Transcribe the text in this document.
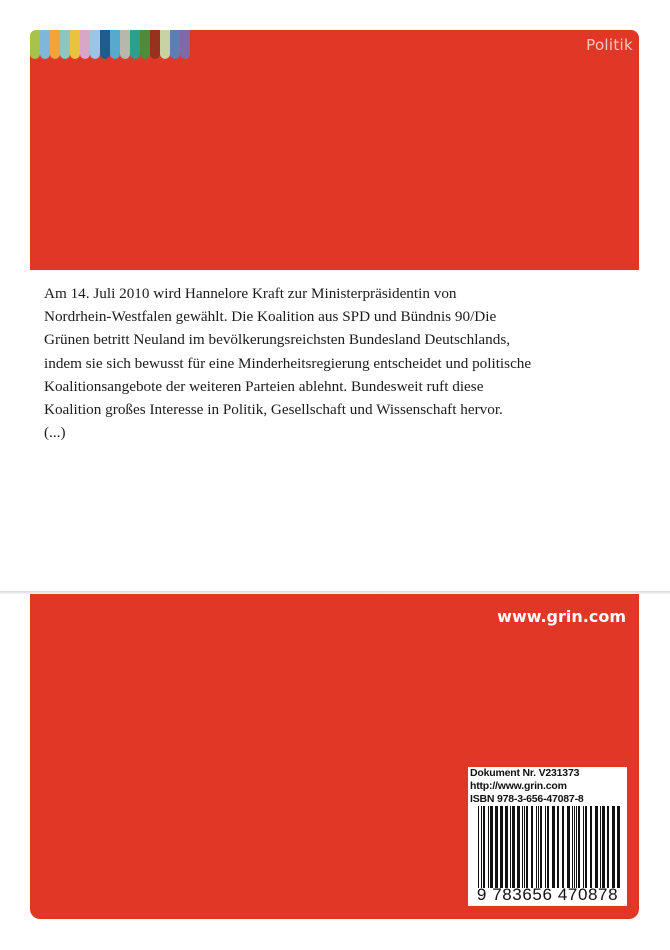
Politik

Am 14. Juli 2010 wird Hannelore Kraft zur Ministerpräsidentin von
Nordrhein-Westfalen gewählt. Die Koalition aus SPD und Bündnis 90/Die
Grünen betritt Neuland im bevölkerungsreichsten Bundesland Deutschlands,
indem sie sich bewusst für eine Minderheitsregierung entscheidet und politische
Koalitionsangebote der weiteren Parteien ablehnt. Bundesweit ruft diese
Koalition großes Interesse in Politik, Gesellschaft und Wissenschaft hervor.
(...)

www.grin.com
Dokument Nr. V231373
http://www.grin.com
ISBN 978-3-656-47087-8
9 783656 470878
